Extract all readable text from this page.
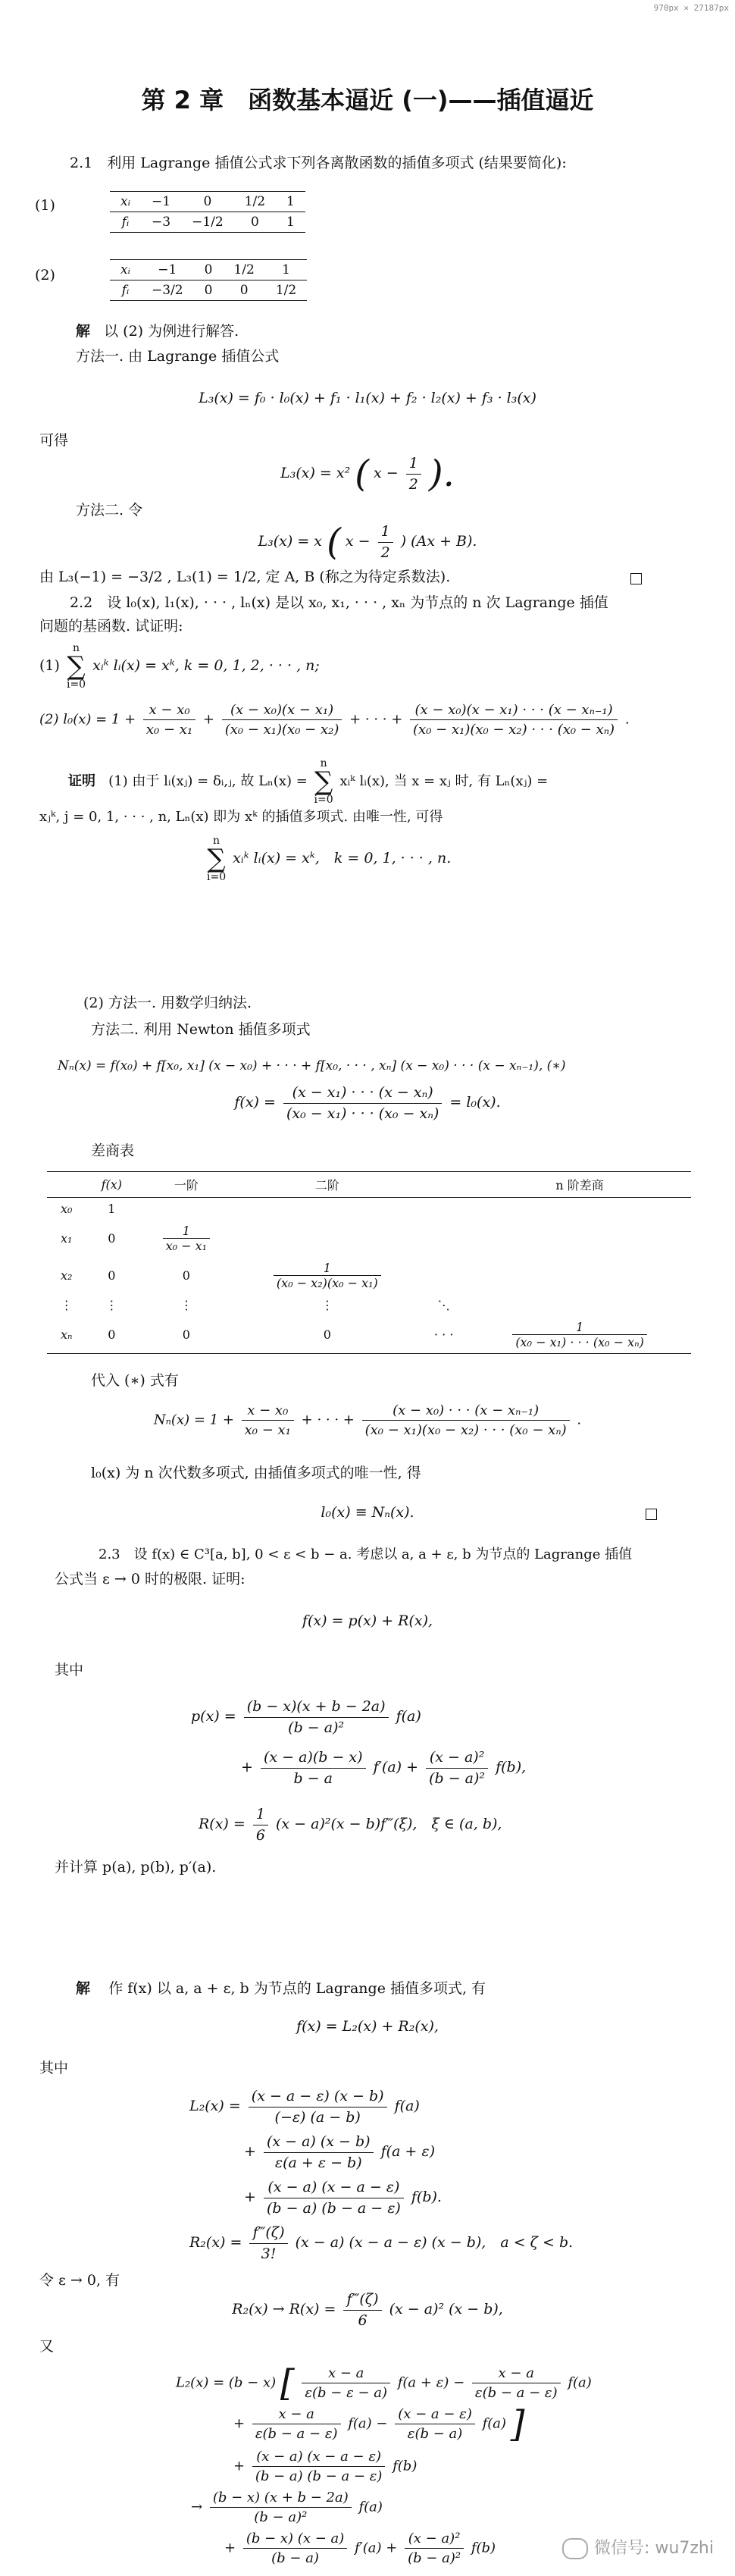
970px × 27187px
第 2 章　函数基本逼近 (一)——插值逼近
2.1　利用 Lagrange 插值公式求下列各离散函数的插值多项式 (结果要简化):
(1)	xᵢ	−1	0	1/2	1
fᵢ	−3	−1/2	0	1
(2)	xᵢ	−1	0	1/2	1
fᵢ	−3/2	0	0	1/2
解 以 (2) 为例进行解答.
方法一. 由 Lagrange 插值公式
L₃(x) = f₀ · l₀(x) + f₁ · l₁(x) + f₂ · l₂(x) + f₃ · l₃(x)
可得
L₃(x) = x² ( $x - \frac{1}{2}$ ).
方法二. 令
L₃(x) = x ( $x - \frac{1}{2}$ ) (Ax + B).
由 L₃(−1) = −3/2 , L₃(1) = 1/2, 定 A, B (称之为待定系数法).
2.2　设 l₀(x), l₁(x), · · · , lₙ(x) 是以 x₀, x₁, · · · , xₙ 为节点的 n 次 Lagrange 插值
问题的基函数. 试证明:
(1) n
∑
i=0 xᵢᵏ lᵢ(x) = xᵏ, k = 0, 1, 2, · · · , n;
(2) $l_0(x) = 1 + \frac{\text{x − x₀}}{\text{x₀ − x₁}} + \frac{\text{(x − x₀)(x − x₁)}}{\text{(x₀ − x₁)(x₀ − x₂)}}$ + · · · + $\frac{\text{(x − x₀)(x − x₁) · · · (x − xₙ₋₁)}}{\text{(x₀ − x₁)(x₀ − x₂) · · · (x₀ − xₙ)}}$ .
证明 (1) 由于 lᵢ(xⱼ) = δᵢ,ⱼ, 故 Lₙ(x) = n
∑
i=0 xᵢᵏ lᵢ(x), 当 x = xⱼ 时, 有 Lₙ(xⱼ) =
xⱼᵏ, j = 0, 1, · · · , n, Lₙ(x) 即为 xᵏ 的插值多项式. 由唯一性, 可得
n
∑
i=0 xᵢᵏ lᵢ(x) = xᵏ,　k = 0, 1, · · · , n.
(2) 方法一. 用数学归纳法.
方法二. 利用 Newton 插值多项式
Nₙ(x) = f(x₀) + f[x₀, x₁] (x − x₀) + · · · + f[x₀, · · · , xₙ] (x − x₀) · · · (x − xₙ₋₁), (∗)
$f(x) = \frac{\text{(x − x₁) · · · (x − xₙ)}}{\text{(x₀ − x₁) · · · (x₀ − xₙ)}} = l_0(x)$.
差商表
	f(x)	一阶	二阶		n 阶差商
x₀	1				
x₁	0	$\frac{1}{\text{x₀ − x₁}}$

x₂	0	0	$\frac{1}{\text{(x₀ − x₂)(x₀ − x₁)}}$

⋮	⋮	⋮	⋮	⋱	
xₙ	0	0	0	· · ·	$\frac{1}{\text{(x₀ − x₁) · · · (x₀ − xₙ)}}$
代入 (∗) 式有
$N_n(x) = 1 + \frac{\text{x − x₀}}{\text{x₀ − x₁}}$ + · · · + $\frac{\text{(x − x₀) · · · (x − xₙ₋₁)}}{\text{(x₀ − x₁)(x₀ − x₂) · · · (x₀ − xₙ)}}$ .
l₀(x) 为 n 次代数多项式, 由插值多项式的唯一性, 得
l₀(x) ≡ Nₙ(x).
2.3　设 f(x) ∈ C³[a, b], 0 < ε < b − a. 考虑以 a, a + ε, b 为节点的 Lagrange 插值
公式当 ε → 0 时的极限. 证明:
f(x) = p(x) + R(x),
其中
$p(x) = \frac{(b - x)(x + b - 2a)}{\text{(b − a)²}} f(a)$
+ $\frac{(x - a)(b - x)}{b - a} f'(a) + \frac{\text{(x − a)²}}{\text{(b − a)²}} f(b)$,
$R(x) = \frac{1}{6} (x - a)^2(x$ − b)f‴(ξ),　ξ ∈ (a, b),
并计算 p(a), p(b), p′(a).
解 作 f(x) 以 a, a + ε, b 为节点的 Lagrange 插值多项式, 有
f(x) = L₂(x) + R₂(x),
其中
$L_2(x) = \frac{(x - a - \varepsilon) (x - b)}{(-\varepsilon) (a - b)} f(a)$
+ $\frac{(x - a) (x - b)}{\varepsilon(a + \varepsilon - b)} f(a + \varepsilon)$
+ $\frac{(x - a) (x - a - \varepsilon)}{(b - a) (b - a - \varepsilon)} f(b)$.
$R_2(x) = \frac{f‴(\zeta)}{3!} (x - a) (x - a - \varepsilon) (x - b)$,　a < ζ < b.
令 ε → 0, 有
$R_2(x) \to R(x) = \frac{f‴(\zeta)}{6} (x - a)^2$ (x − b),
又
L₂(x) = (b − x) [ $\frac{x - a}{\varepsilon(b - \varepsilon - a)} f(a + \varepsilon) - \frac{x - a}{\varepsilon(b - a - \varepsilon)} f(a)$
+ $\frac{x - a}{\varepsilon(b - a - \varepsilon)} f(a) - \frac{(x - a - \varepsilon)}{\varepsilon(b - a)} f(a)$ ]
+ $\frac{(x - a) (x - a - \varepsilon)}{(b - a) (b - a - \varepsilon)} f(b)$
→ $\frac{(b - x) (x + b - 2a)}{\text{(b − a)²}} f(a)$
+ $\frac{(b - x) (x - a)}{(b - a)} f'(a) + \frac{\text{(x − a)²}}{\text{(b − a)²}} f(b)$	微信号: wu7zhi
